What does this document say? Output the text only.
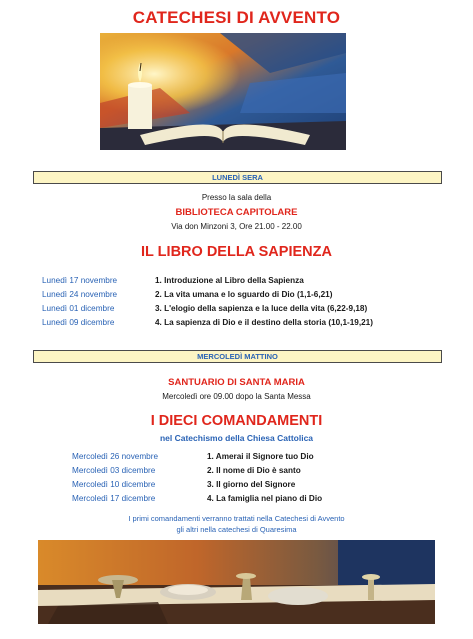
CATECHESI DI AVVENTO
LUNEDÌ SERA
Presso la sala della
BIBLIOTECA CAPITOLARE
Via don Minzoni 3, Ore 21.00 - 22.00
IL LIBRO DELLA SAPIENZA
Lunedì 17 novembre	1. Introduzione al Libro della Sapienza
Lunedì 24 novembre	2. La vita umana e lo sguardo di Dio (1,1-6,21)
Lunedì 01 dicembre	3. L'elogio della sapienza e la luce della vita (6,22-9,18)
Lunedì 09 dicembre	4. La sapienza di Dio e il destino della storia (10,1-19,21)
MERCOLEDÌ MATTINO
SANTUARIO DI SANTA MARIA
Mercoledì ore 09.00 dopo la Santa Messa
I DIECI COMANDAMENTI
nel Catechismo della Chiesa Cattolica
Mercoledì 26 novembre	1. Amerai il Signore tuo Dio
Mercoledì 03 dicembre	2. Il nome di Dio è santo
Mercoledì 10 dicembre	3. Il giorno del Signore
Mercoledì 17 dicembre	4. La famiglia nel piano di Dio
I primi comandamenti verranno trattati nella Catechesi di Avvento
gli altri nella catechesi di Quaresima
